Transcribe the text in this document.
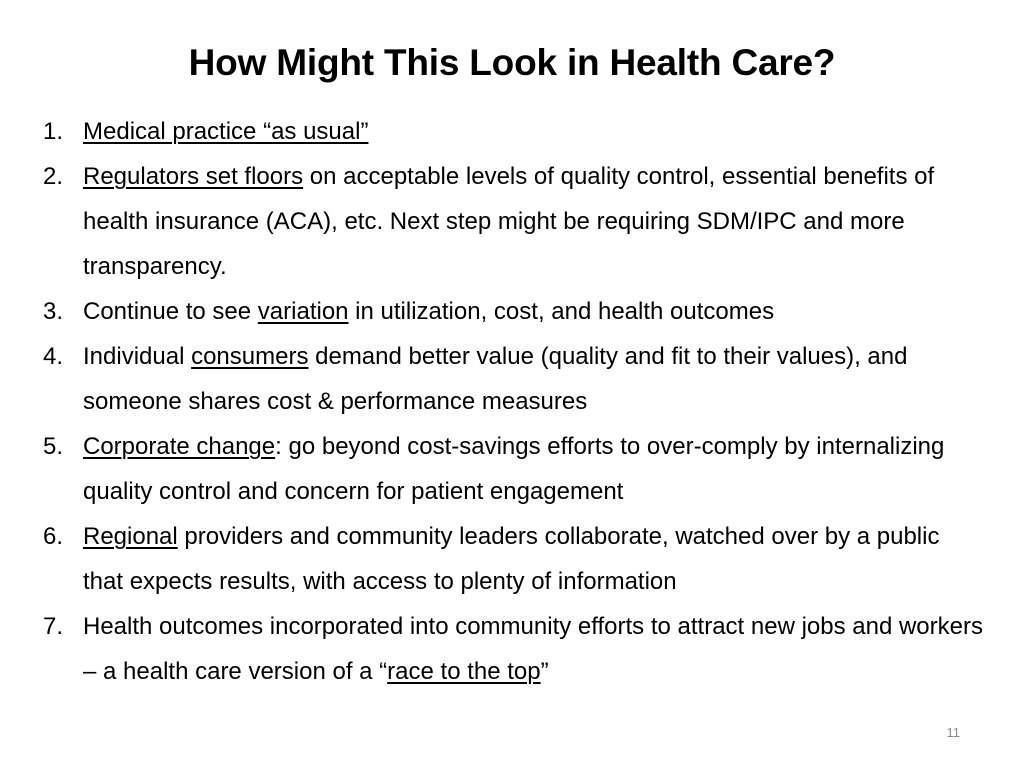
How Might This Look in Health Care?
1. Medical practice “as usual”
2. Regulators set floors on acceptable levels of quality control, essential benefits of health insurance (ACA), etc. Next step might be requiring SDM/IPC and more transparency.
3. Continue to see variation in utilization, cost, and health outcomes
4. Individual consumers demand better value (quality and fit to their values), and someone shares cost & performance measures
5. Corporate change: go beyond cost-savings efforts to over-comply by internalizing quality control and concern for patient engagement
6. Regional providers and community leaders collaborate, watched over by a public that expects results, with access to plenty of information
7. Health outcomes incorporated into community efforts to attract new jobs and workers – a health care version of a “race to the top”
11
